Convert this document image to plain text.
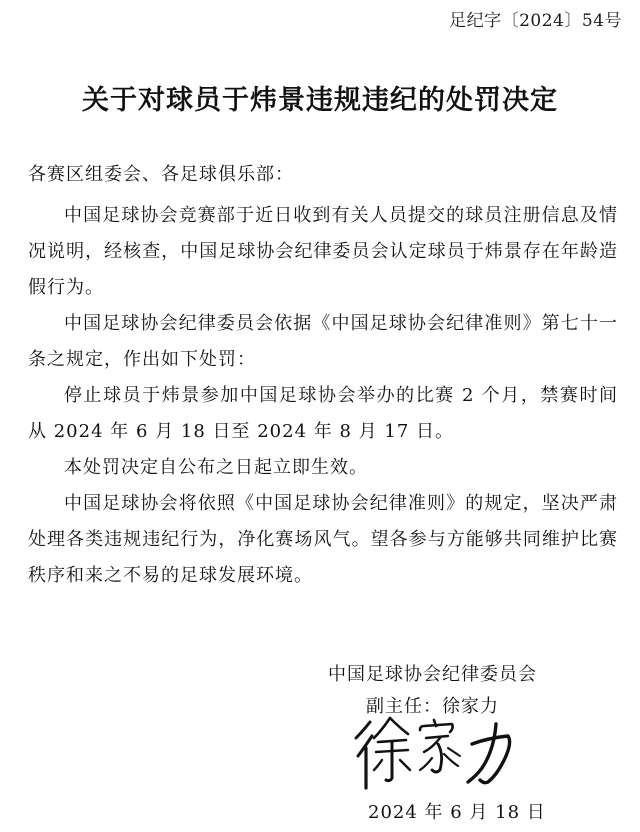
足纪字〔2024〕54号
关于对球员于炜景违规违纪的处罚决定
各赛区组委会、各足球俱乐部：

中国足球协会竞赛部于近日收到有关人员提交的球员注册信息及情况说明，经核查，中国足球协会纪律委员会认定球员于炜景存在年龄造假行为。

中国足球协会纪律委员会依据《中国足球协会纪律准则》第七十一条之规定，作出如下处罚：

停止球员于炜景参加中国足球协会举办的比赛 2 个月，禁赛时间从 2024 年 6 月 18 日至 2024 年 8 月 17 日。

本处罚决定自公布之日起立即生效。

中国足球协会将依照《中国足球协会纪律准则》的规定，坚决严肃处理各类违规违纪行为，净化赛场风气。望各参与方能够共同维护比赛秩序和来之不易的足球发展环境。

中国足球协会纪律委员会
副主任：徐家力
2024 年 6 月 18 日
